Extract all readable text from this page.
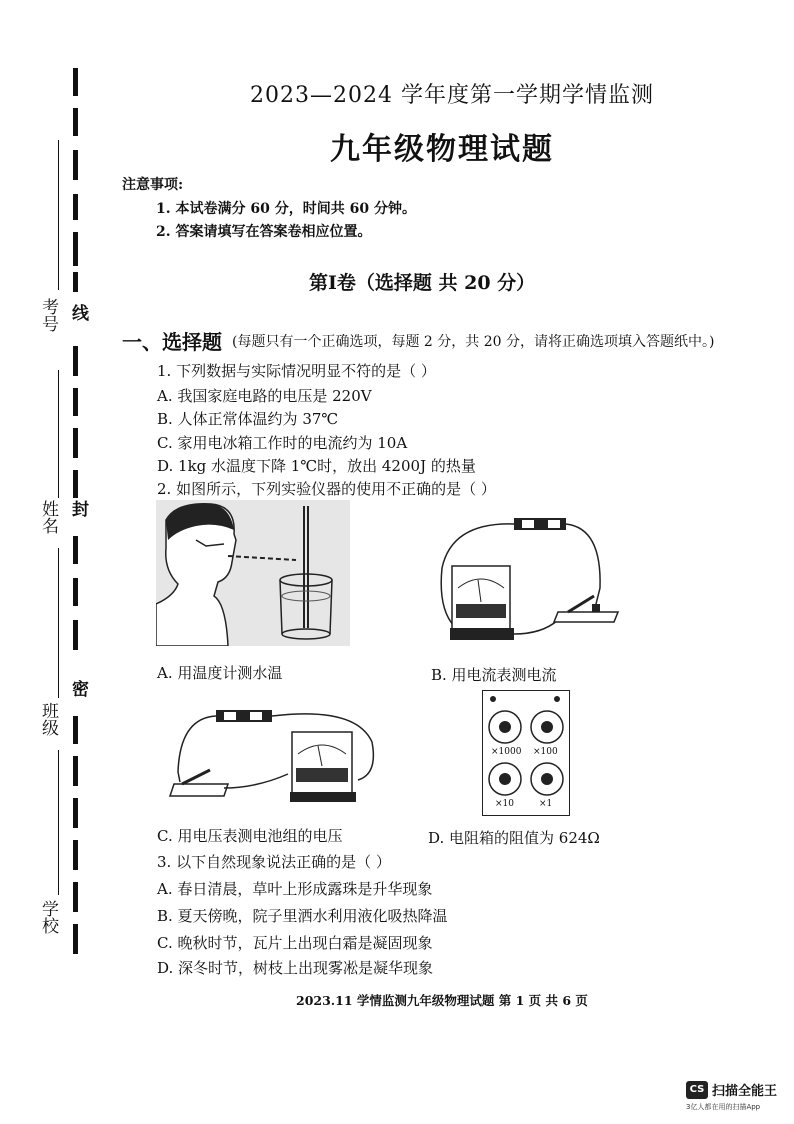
线
封
密
考号
姓名
班级
学校
2023—2024 学年度第一学期学情监测
九年级物理试题
注意事项:
1. 本试卷满分 60 分，时间共 60 分钟。
2. 答案请填写在答案卷相应位置。
第Ⅰ卷（选择题 共 20 分）
一、选择题 (每题只有一个正确选项，每题 2 分，共 20 分，请将正确选项填入答题纸中。)
1. 下列数据与实际情况明显不符的是（ ）
A. 我国家庭电路的电压是 220V
B. 人体正常体温约为 37℃
C. 家用电冰箱工作时的电流约为 10A
D. 1kg 水温度下降 1℃时，放出 4200J 的热量
2. 如图所示，下列实验仪器的使用不正确的是（ ）
A. 用温度计测水温	B. 用电流表测电流
C. 用电压表测电池组的电压
×1000 ×100
×10	×1
D. 电阻箱的阻值为 624Ω
3. 以下自然现象说法正确的是（ ）
A. 春日清晨，草叶上形成露珠是升华现象
B. 夏天傍晚，院子里洒水利用液化吸热降温
C. 晚秋时节，瓦片上出现白霜是凝固现象
D. 深冬时节，树枝上出现雾凇是凝华现象
2023.11 学情监测九年级物理试题 第 1 页 共 6 页
CS 扫描全能王
3亿人都在用的扫描App
